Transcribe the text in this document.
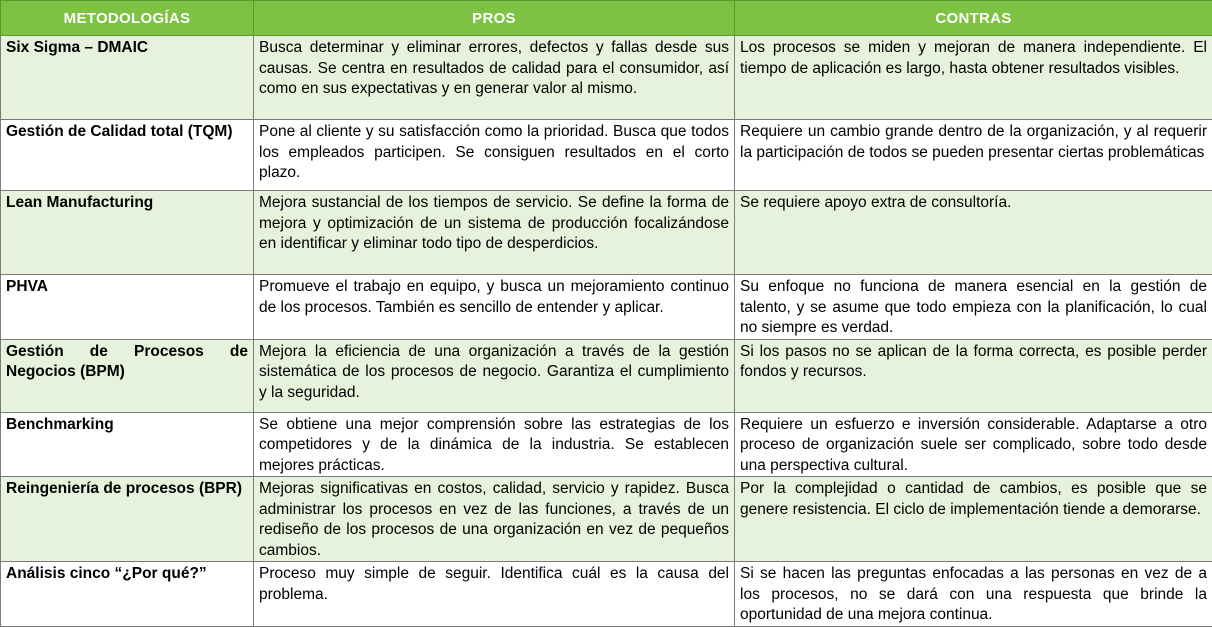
METODOLOGÍAS	PROS	CONTRAS
Six Sigma – DMAIC	Busca determinar y eliminar errores, defectos y fallas desde sus causas. Se centra en resultados de calidad para el consumidor, así como en sus expectativas y en generar valor al mismo.	Los procesos se miden y mejoran de manera independiente. El tiempo de aplicación es largo, hasta obtener resultados visibles.
Gestión de Calidad total (TQM)	Pone al cliente y su satisfacción como la prioridad. Busca que todos los empleados participen. Se consiguen resultados en el corto plazo.	Requiere un cambio grande dentro de la organización, y al requerir la participación de todos se pueden presentar ciertas problemáticas
Lean Manufacturing	Mejora sustancial de los tiempos de servicio. Se define la forma de mejora y optimización de un sistema de producción focalizándose en identificar y eliminar todo tipo de desperdicios.	Se requiere apoyo extra de consultoría.
PHVA	Promueve el trabajo en equipo, y busca un mejoramiento continuo de los procesos. También es sencillo de entender y aplicar.	Su enfoque no funciona de manera esencial en la gestión de talento, y se asume que todo empieza con la planificación, lo cual no siempre es verdad.
Gestión de Procesos de Negocios (BPM)	Mejora la eficiencia de una organización a través de la gestión sistemática de los procesos de negocio. Garantiza el cumplimiento y la seguridad.	Si los pasos no se aplican de la forma correcta, es posible perder fondos y recursos.
Benchmarking	Se obtiene una mejor comprensión sobre las estrategias de los competidores y de la dinámica de la industria. Se establecen mejores prácticas.	Requiere un esfuerzo e inversión considerable. Adaptarse a otro proceso de organización suele ser complicado, sobre todo desde una perspectiva cultural.
Reingeniería de procesos (BPR)	Mejoras significativas en costos, calidad, servicio y rapidez. Busca administrar los procesos en vez de las funciones, a través de un rediseño de los procesos de una organización en vez de pequeños cambios.	Por la complejidad o cantidad de cambios, es posible que se genere resistencia. El ciclo de implementación tiende a demorarse.
Análisis cinco “¿Por qué?”	Proceso muy simple de seguir. Identifica cuál es la causa del problema.	Si se hacen las preguntas enfocadas a las personas en vez de a los procesos, no se dará con una respuesta que brinde la oportunidad de una mejora continua.
